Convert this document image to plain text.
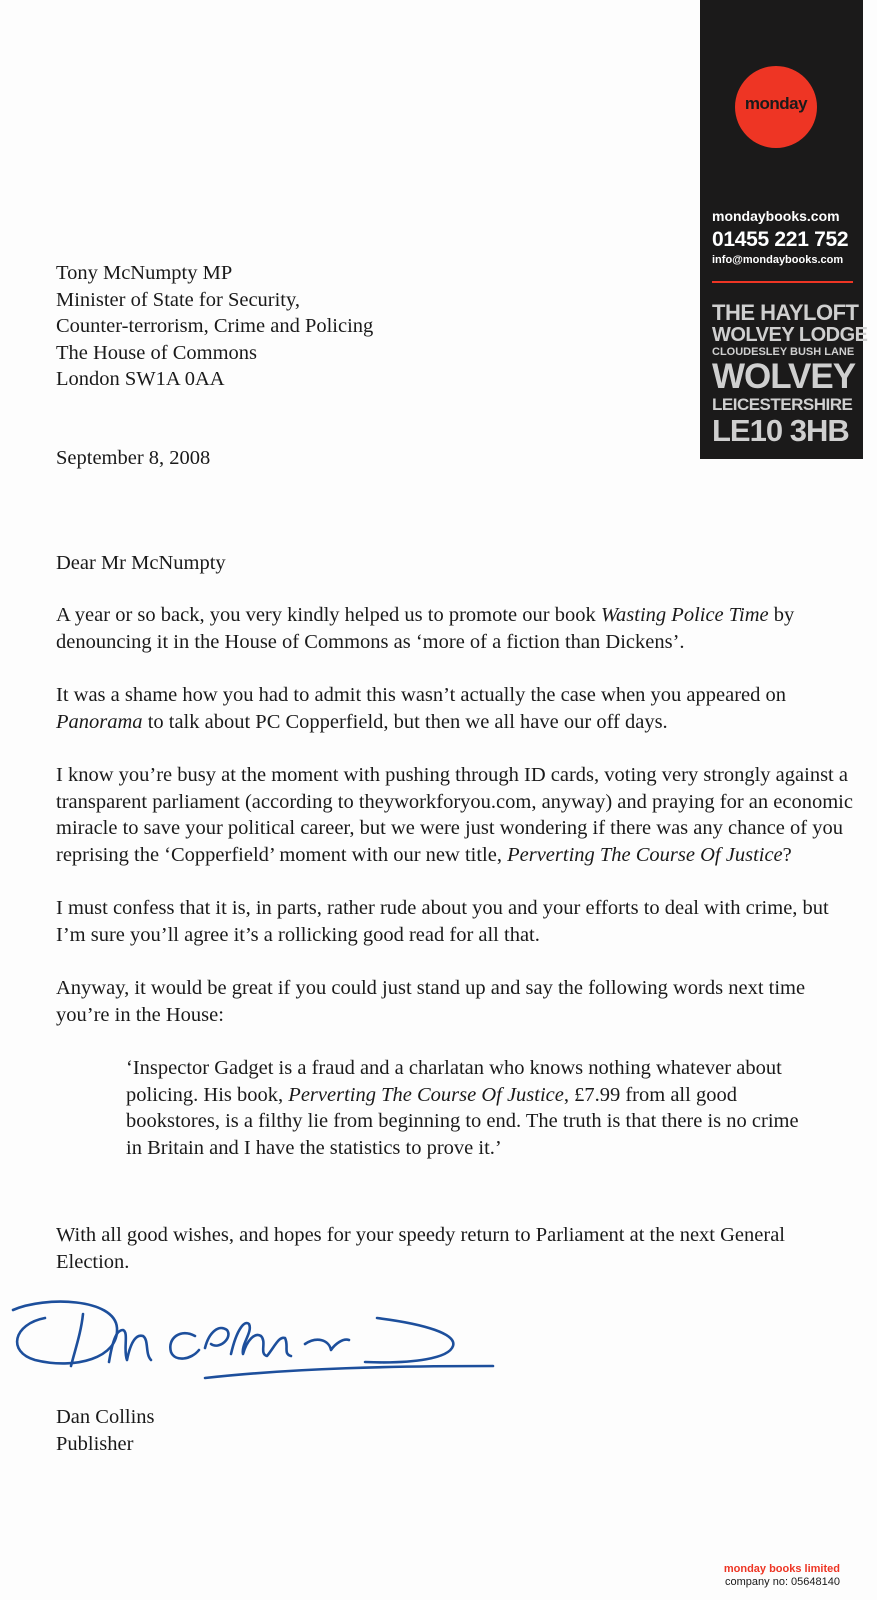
monday
mondaybooks.com
01455 221 752
info@mondaybooks.com
THE HAYLOFT
WOLVEY LODGE
CLOUDESLEY BUSH LANE
WOLVEY
LEICESTERSHIRE
LE10 3HB
Tony McNumpty MP
Minister of State for Security,
Counter-terrorism, Crime and Policing
The House of Commons
London SW1A 0AA
September 8, 2008
Dear Mr McNumpty

A year or so back, you very kindly helped us to promote our book Wasting Police Time by denouncing it in the House of Commons as ‘more of a fiction than Dickens’.

It was a shame how you had to admit this wasn’t actually the case when you appeared on Panorama to talk about PC Copperfield, but then we all have our off days.

I know you’re busy at the moment with pushing through ID cards, voting very strongly against a transparent parliament (according to theyworkforyou.com, anyway) and praying for an economic miracle to save your political career, but we were just wondering if there was any chance of you reprising the ‘Copperfield’ moment with our new title, Perverting The Course Of Justice?

I must confess that it is, in parts, rather rude about you and your efforts to deal with crime, but I’m sure you’ll agree it’s a rollicking good read for all that.

Anyway, it would be great if you could just stand up and say the following words next time you’re in the House:

‘Inspector Gadget is a fraud and a charlatan who knows nothing whatever about policing. His book, Perverting The Course Of Justice, £7.99 from all good bookstores, is a filthy lie from beginning to end. The truth is that there is no crime in Britain and I have the statistics to prove it.’

With all good wishes, and hopes for your speedy return to Parliament at the next General Election.
Dan Collins
Publisher
monday books limited
company no: 05648140
